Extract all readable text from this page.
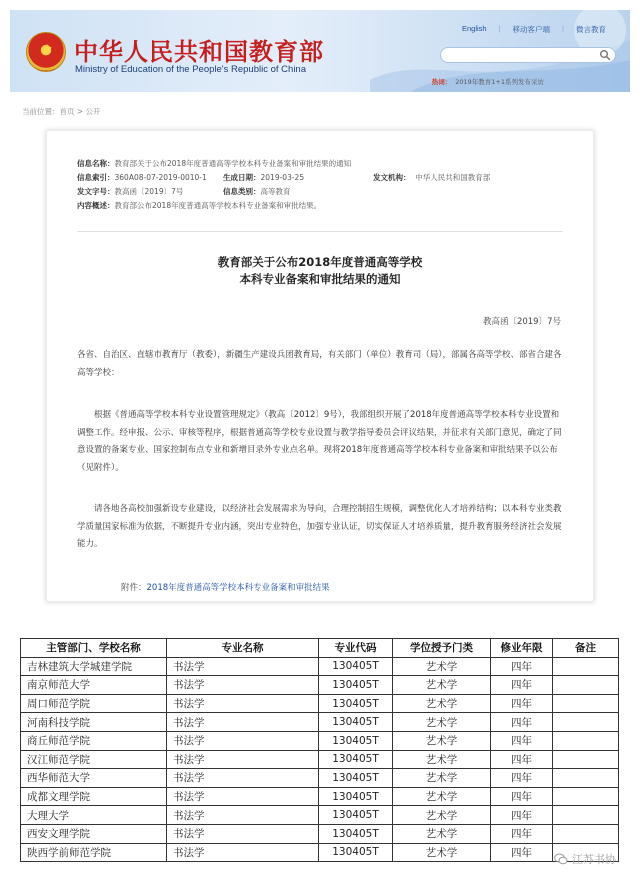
★ 中华人民共和国教育部
Ministry of Education of the People's Republic of China
English | 移动客户端 | 微言教育
热词： 2019年教育1+1系列发布采访
当前位置：首页 > 公开
信息名称：教育部关于公布2018年度普通高等学校本科专业备案和审批结果的通知
信息索引：360A08-07-2019-0010-1 生成日期：2019-03-25	发文机构： 中华人民共和国教育部
发文字号：教高函〔2019〕7号	信息类别：高等教育
内容概述：教育部公布2018年度普通高等学校本科专业备案和审批结果。
教育部关于公布2018年度普通高等学校
本科专业备案和审批结果的通知
教高函〔2019〕7号
各省、自治区、直辖市教育厅（教委），新疆生产建设兵团教育局，有关部门（单位）教育司（局），部属各高等学校、部省合建各高等学校：
根据《普通高等学校本科专业设置管理规定》（教高〔2012〕9号），我部组织开展了2018年度普通高等学校本科专业设置和调整工作。经申报、公示、审核等程序，根据普通高等学校专业设置与教学指导委员会评议结果，并征求有关部门意见，确定了同意设置的备案专业、国家控制布点专业和新增目录外专业点名单。现将2018年度普通高等学校本科专业备案和审批结果予以公布（见附件）。
请各地各高校加强新设专业建设，以经济社会发展需求为导向，合理控制招生规模，调整优化人才培养结构；以本科专业类教学质量国家标准为依据，不断提升专业内涵，突出专业特色，加强专业认证，切实保证人才培养质量，提升教育服务经济社会发展能力。
附件：2018年度普通高等学校本科专业备案和审批结果
主管部门、学校名称	专业名称	专业代码	学位授予门类	修业年限	备注
吉林建筑大学城建学院	书法学	130405T	艺术学	四年	
南京师范大学	书法学	130405T	艺术学	四年	
周口师范学院	书法学	130405T	艺术学	四年	
河南科技学院	书法学	130405T	艺术学	四年	
商丘师范学院	书法学	130405T	艺术学	四年	
汉江师范学院	书法学	130405T	艺术学	四年	
西华师范大学	书法学	130405T	艺术学	四年	
成都文理学院	书法学	130405T	艺术学	四年	
大理大学	书法学	130405T	艺术学	四年	
西安文理学院	书法学	130405T	艺术学	四年	
陕西学前师范学院	书法学	130405T	艺术学	四年	
江苏书协
